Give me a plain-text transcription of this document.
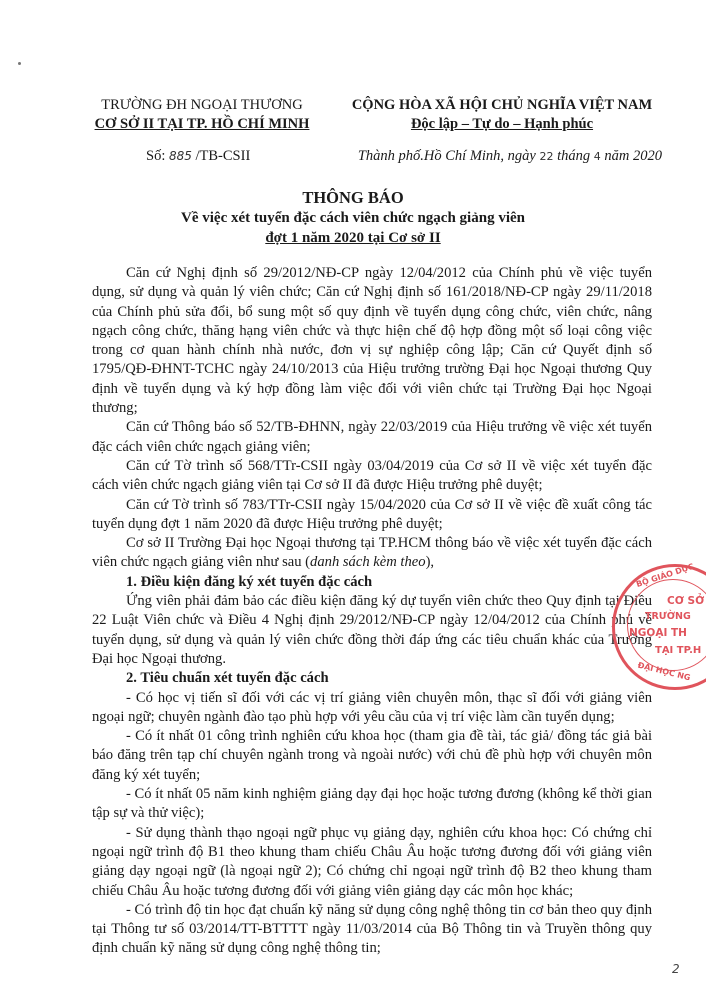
TRƯỜNG ĐH NGOẠI THƯƠNG
CƠ SỞ II TẠI TP. HỒ CHÍ MINH
CỘNG HÒA XÃ HỘI CHỦ NGHĨA VIỆT NAM
Độc lập – Tự do – Hạnh phúc
Số: 885 /TB-CSII	Thành phố.Hồ Chí Minh, ngày 22 tháng 4 năm 2020
THÔNG BÁO
Về việc xét tuyển đặc cách viên chức ngạch giảng viên
đợt 1 năm 2020 tại Cơ sở II

Căn cứ Nghị định số 29/2012/NĐ-CP ngày 12/04/2012 của Chính phủ về việc tuyển dụng, sử dụng và quản lý viên chức; Căn cứ Nghị định số 161/2018/NĐ-CP ngày 29/11/2018 của Chính phủ sửa đổi, bổ sung một số quy định về tuyển dụng công chức, viên chức, nâng ngạch công chức, thăng hạng viên chức và thực hiện chế độ hợp đồng một số loại công việc trong cơ quan hành chính nhà nước, đơn vị sự nghiệp công lập; Căn cứ Quyết định số 1795/QĐ-ĐHNT-TCHC ngày 24/10/2013 của Hiệu trưởng trường Đại học Ngoại thương Quy định về tuyển dụng và ký hợp đồng làm việc đối với viên chức tại Trường Đại học Ngoại thương;

Căn cứ Thông báo số 52/TB-ĐHNN, ngày 22/03/2019 của Hiệu trưởng về việc xét tuyển đặc cách viên chức ngạch giảng viên;

Căn cứ Tờ trình số 568/TTr-CSII ngày 03/04/2019 của Cơ sở II về việc xét tuyển đặc cách viên chức ngạch giảng viên tại Cơ sở II đã được Hiệu trưởng phê duyệt;

Căn cứ Tờ trình số 783/TTr-CSII ngày 15/04/2020 của Cơ sở II về việc đề xuất công tác tuyển dụng đợt 1 năm 2020 đã được Hiệu trưởng phê duyệt;

Cơ sở II Trường Đại học Ngoại thương tại TP.HCM thông báo về việc xét tuyển đặc cách viên chức ngạch giảng viên như sau (danh sách kèm theo),

1. Điều kiện đăng ký xét tuyển đặc cách

Ứng viên phải đảm bảo các điều kiện đăng ký dự tuyển viên chức theo Quy định tại Điều 22 Luật Viên chức và Điều 4 Nghị định 29/2012/NĐ-CP ngày 12/04/2012 của Chính phủ về tuyển dụng, sử dụng và quản lý viên chức đồng thời đáp ứng các tiêu chuẩn khác của Trường Đại học Ngoại thương.

2. Tiêu chuẩn xét tuyển đặc cách

- Có học vị tiến sĩ đối với các vị trí giảng viên chuyên môn, thạc sĩ đối với giảng viên ngoại ngữ; chuyên ngành đào tạo phù hợp với yêu cầu của vị trí việc làm cần tuyển dụng;

- Có ít nhất 01 công trình nghiên cứu khoa học (tham gia đề tài, tác giả/ đồng tác giả bài báo đăng trên tạp chí chuyên ngành trong và ngoài nước) với chủ đề phù hợp với chuyên môn đăng ký xét tuyển;

- Có ít nhất 05 năm kinh nghiệm giảng dạy đại học hoặc tương đương (không kể thời gian tập sự và thử việc);

- Sử dụng thành thạo ngoại ngữ phục vụ giảng dạy, nghiên cứu khoa học: Có chứng chỉ ngoại ngữ trình độ B1 theo khung tham chiếu Châu Âu hoặc tương đương đối với giảng viên giảng dạy ngoại ngữ (là ngoại ngữ 2); Có chứng chỉ ngoại ngữ trình độ B2 theo khung tham chiếu Châu Âu hoặc tương đương đối với giảng viên giảng dạy các môn học khác;

- Có trình độ tin học đạt chuẩn kỹ năng sử dụng công nghệ thông tin cơ bản theo quy định tại Thông tư số 03/2014/TT-BTTTT ngày 11/03/2014 của Bộ Thông tin và Truyền thông quy định chuẩn kỹ năng sử dụng công nghệ thông tin;

BỘ GIÁO DỤC
CƠ SỞ
TRƯỜNG
NGOẠI TH
TẠI TP.H
ĐẠI HỌC NG
2
